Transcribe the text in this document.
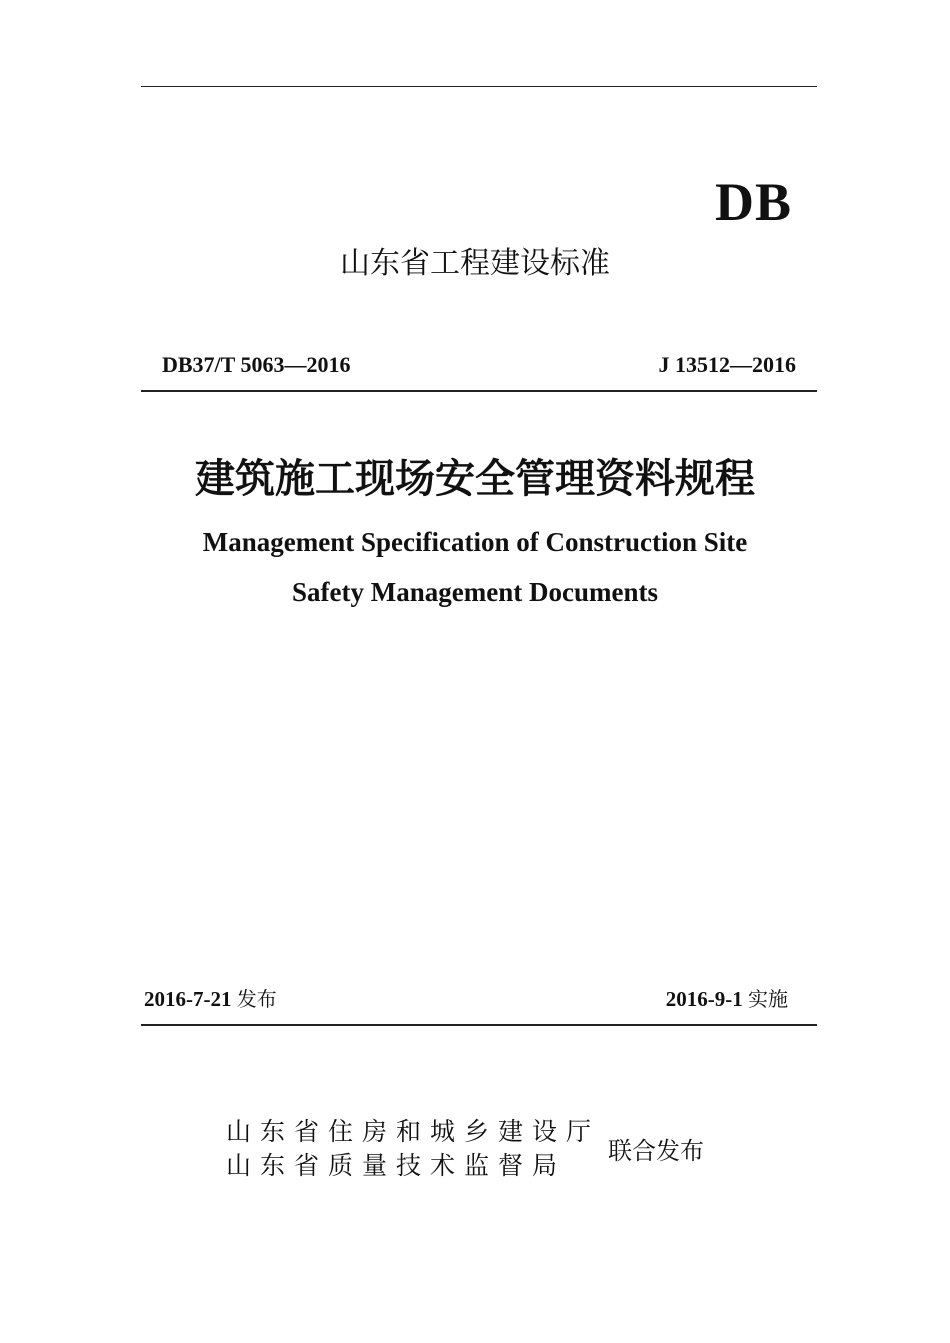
DB
山东省工程建设标准
DB37/T 5063—2016	J 13512—2016
建筑施工现场安全管理资料规程
Management Specification of Construction Site
Safety Management Documents
2016-7-21 发布	2016-9-1 实施
山东省住房和城乡建设厅
山东省质量技术监督局 联合发布
